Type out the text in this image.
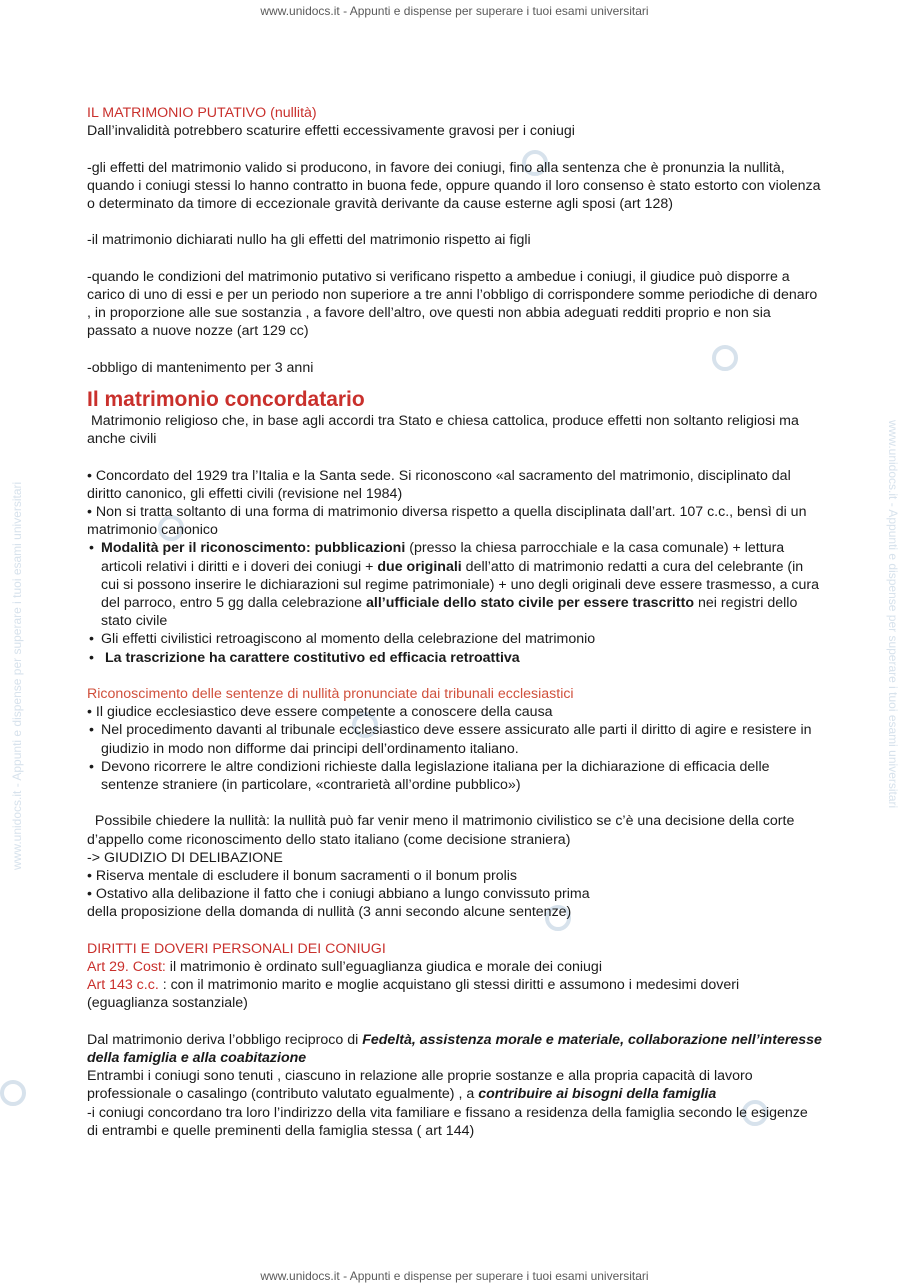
www.unidocs.it - Appunti e dispense per superare i tuoi esami universitari
www.unidocs.it - Appunti e dispense per superare i tuoi esami universitari
www.unidocs.it - Appunti e dispense per superare i tuoi esami universitari	www.unidocs.it - Appunti e dispense per superare i tuoi esami universitari

IL MATRIMONIO PUTATIVO (nullità)

Dall’invalidità potrebbero scaturire effetti eccessivamente gravosi per i coniugi

-gli effetti del matrimonio valido si producono, in favore dei coniugi, fino alla sentenza che è pronunzia la nullità, quando i coniugi stessi lo hanno contratto in buona fede, oppure quando il loro consenso è stato estorto con violenza o determinato da timore di eccezionale gravità derivante da cause esterne agli sposi (art 128)

-il matrimonio dichiarati nullo ha gli effetti del matrimonio rispetto ai figli

-quando le condizioni del matrimonio putativo si verificano rispetto a ambedue i coniugi, il giudice può disporre a carico di uno di essi e per un periodo non superiore a tre anni l’obbligo di corrispondere somme periodiche di denaro , in proporzione alle sue sostanzia , a favore dell’altro, ove questi non abbia adeguati redditi proprio e non sia passato a nuove nozze (art 129 cc)

-obbligo di mantenimento per 3 anni

Il matrimonio concordatario

Matrimonio religioso che, in base agli accordi tra Stato e chiesa cattolica, produce effetti non soltanto religiosi ma anche civili

• Concordato del 1929 tra l’Italia e la Santa sede. Si riconoscono «al sacramento del matrimonio, disciplinato dal diritto canonico, gli effetti civili (revisione nel 1984)

• Non si tratta soltanto di una forma di matrimonio diversa rispetto a quella disciplinata dall’art. 107 c.c., bensì di un matrimonio canonico

• Modalità per il riconoscimento: pubblicazioni (presso la chiesa parrocchiale e la casa comunale) + lettura articoli relativi i diritti e i doveri dei coniugi + due originali dell’atto di matrimonio redatti a cura del celebrante (in cui si possono inserire le dichiarazioni sul regime patrimoniale) + uno degli originali deve essere trasmesso, a cura del parroco, entro 5 gg dalla celebrazione all’ufficiale dello stato civile per essere trascritto nei registri dello stato civile
• Gli effetti civilistici retroagiscono al momento della celebrazione del matrimonio
•  La trascrizione ha carattere costitutivo ed efficacia retroattiva

Riconoscimento delle sentenze di nullità pronunciate dai tribunali ecclesiastici

• Il giudice ecclesiastico deve essere competente a conoscere della causa

• Nel procedimento davanti al tribunale ecclesiastico deve essere assicurato alle parti il diritto di agire e resistere in giudizio in modo non difforme dai principi dell’ordinamento italiano.
• Devono ricorrere le altre condizioni richieste dalla legislazione italiana per la dichiarazione di efficacia delle sentenze straniere (in particolare, «contrarietà all’ordine pubblico»)

Possibile chiedere la nullità: la nullità può far venir meno il matrimonio civilistico se c’è una decisione della corte d’appello come riconoscimento dello stato italiano (come decisione straniera)

-> GIUDIZIO DI DELIBAZIONE

• Riserva mentale di escludere il bonum sacramenti o il bonum prolis

• Ostativo alla delibazione il fatto che i coniugi abbiano a lungo convissuto prima

della proposizione della domanda di nullità (3 anni secondo alcune sentenze)

DIRITTI E DOVERI PERSONALI DEI CONIUGI

Art 29. Cost: il matrimonio è ordinato sull’eguaglianza giudica e morale dei coniugi

Art 143 c.c. : con il matrimonio marito e moglie acquistano gli stessi diritti e assumono i medesimi doveri (eguaglianza sostanziale)

Dal matrimonio deriva l’obbligo reciproco di Fedeltà, assistenza morale e materiale, collaborazione nell’interesse della famiglia e alla coabitazione

Entrambi i coniugi sono tenuti , ciascuno in relazione alle proprie sostanze e alla propria capacità di lavoro professionale o casalingo (contributo valutato egualmente) , a contribuire ai bisogni della famiglia

-i coniugi concordano tra loro l’indirizzo della vita familiare e fissano a residenza della famiglia secondo le esigenze di entrambi e quelle preminenti della famiglia stessa ( art 144)
